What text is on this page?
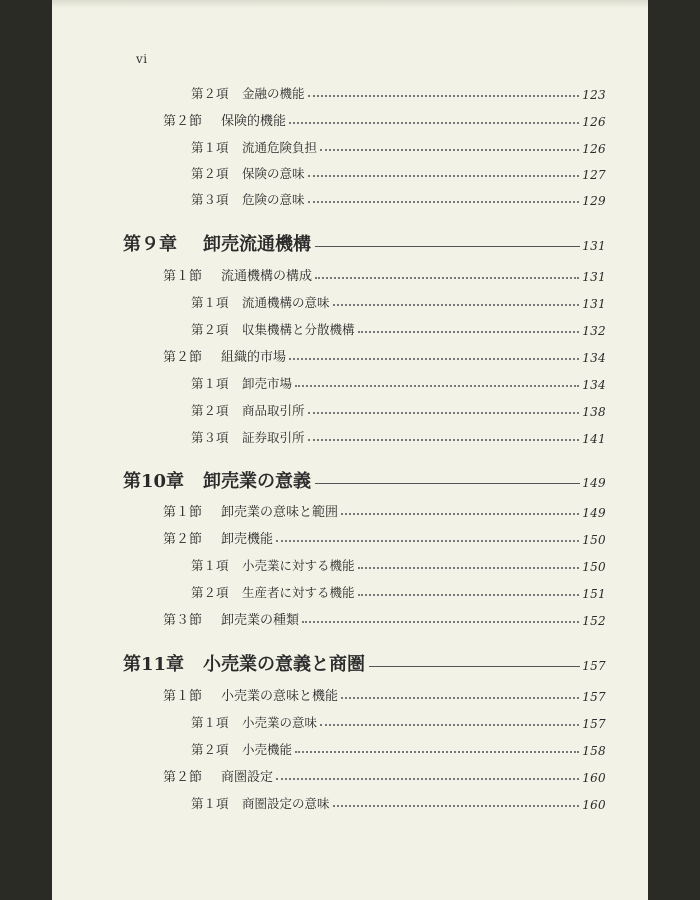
vi
第２項	金融の機能	123
第２節	保険的機能	126
第１項	流通危険負担	126
第２項	保険の意味	127
第３項	危険の意味	129
第９章	卸売流通機構	131
第１節	流通機構の構成	131
第１項	流通機構の意味	131
第２項	収集機構と分散機構	132
第２節	組織的市場	134
第１項	卸売市場	134
第２項	商品取引所	138
第３項	証券取引所	141
第10章	卸売業の意義	149
第１節	卸売業の意味と範囲	149
第２節	卸売機能	150
第１項	小売業に対する機能	150
第２項	生産者に対する機能	151
第３節	卸売業の種類	152
第11章	小売業の意義と商圏	157
第１節	小売業の意味と機能	157
第１項	小売業の意味	157
第２項	小売機能	158
第２節	商圏設定	160
第１項	商圏設定の意味	160
